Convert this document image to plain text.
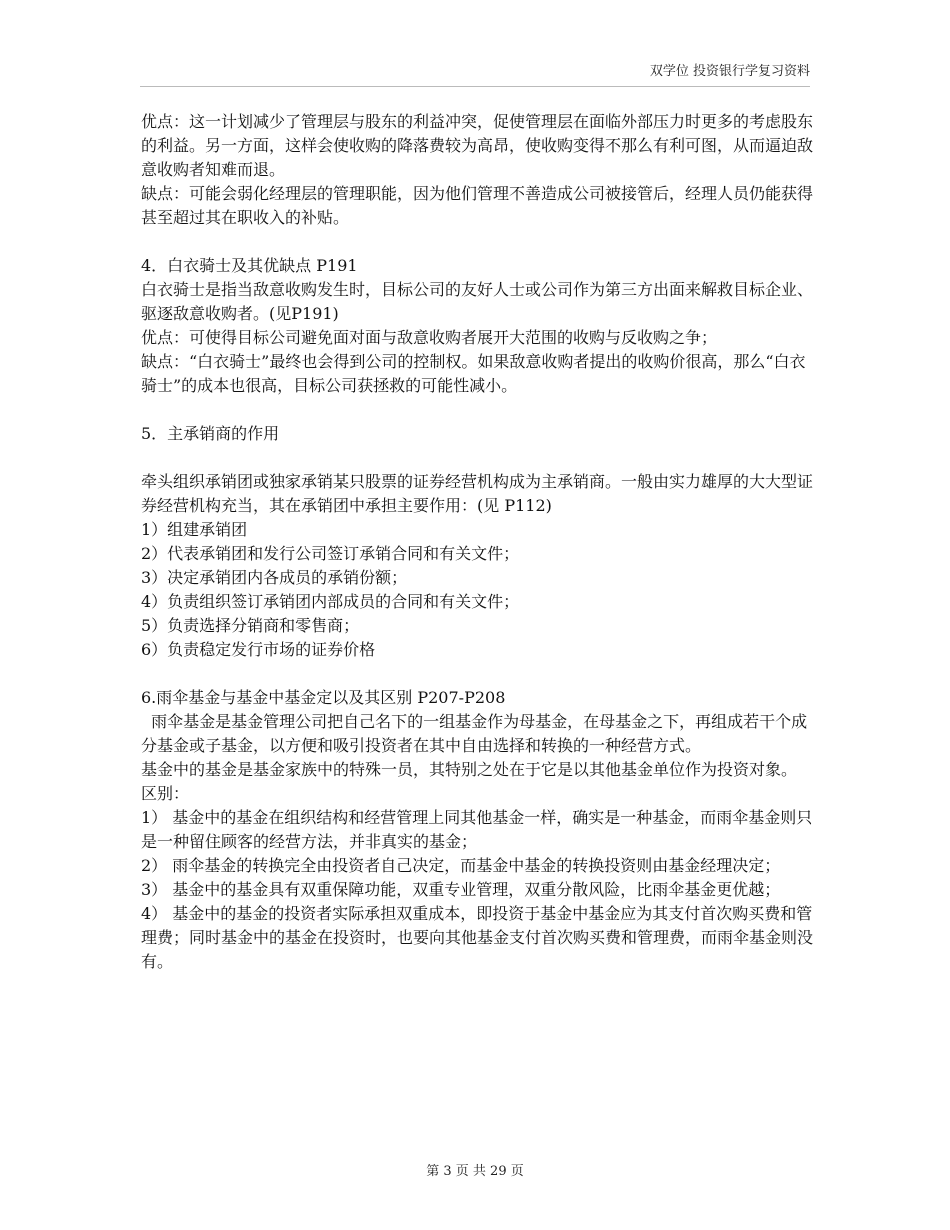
双学位 投资银行学复习资料

优点：这一计划减少了管理层与股东的利益冲突，促使管理层在面临外部压力时更多的考虑股东的利益。另一方面，这样会使收购的降落费较为高昂，使收购变得不那么有利可图，从而逼迫敌意收购者知难而退。

缺点：可能会弱化经理层的管理职能，因为他们管理不善造成公司被接管后，经理人员仍能获得甚至超过其在职收入的补贴。

4．白衣骑士及其优缺点 P191

白衣骑士是指当敌意收购发生时，目标公司的友好人士或公司作为第三方出面来解救目标企业、驱逐敌意收购者。(见P191)

优点：可使得目标公司避免面对面与敌意收购者展开大范围的收购与反收购之争；

缺点：“白衣骑士”最终也会得到公司的控制权。如果敌意收购者提出的收购价很高，那么“白衣骑士”的成本也很高，目标公司获拯救的可能性减小。

5．主承销商的作用

牵头组织承销团或独家承销某只股票的证券经营机构成为主承销商。一般由实力雄厚的大大型证券经营机构充当，其在承销团中承担主要作用：(见 P112)

1）组建承销团

2）代表承销团和发行公司签订承销合同和有关文件；

3）决定承销团内各成员的承销份额；

4）负责组织签订承销团内部成员的合同和有关文件；

5）负责选择分销商和零售商；

6）负责稳定发行市场的证券价格

6.雨伞基金与基金中基金定以及其区别 P207-P208

雨伞基金是基金管理公司把自己名下的一组基金作为母基金，在母基金之下，再组成若干个成分基金或子基金，以方便和吸引投资者在其中自由选择和转换的一种经营方式。

基金中的基金是基金家族中的特殊一员，其特别之处在于它是以其他基金单位作为投资对象。

区别：

1） 基金中的基金在组织结构和经营管理上同其他基金一样，确实是一种基金，而雨伞基金则只是一种留住顾客的经营方法，并非真实的基金；

2） 雨伞基金的转换完全由投资者自己决定，而基金中基金的转换投资则由基金经理决定；

3） 基金中的基金具有双重保障功能，双重专业管理，双重分散风险，比雨伞基金更优越；

4） 基金中的基金的投资者实际承担双重成本，即投资于基金中基金应为其支付首次购买费和管理费；同时基金中的基金在投资时，也要向其他基金支付首次购买费和管理费，而雨伞基金则没有。

第 3 页 共 29 页
